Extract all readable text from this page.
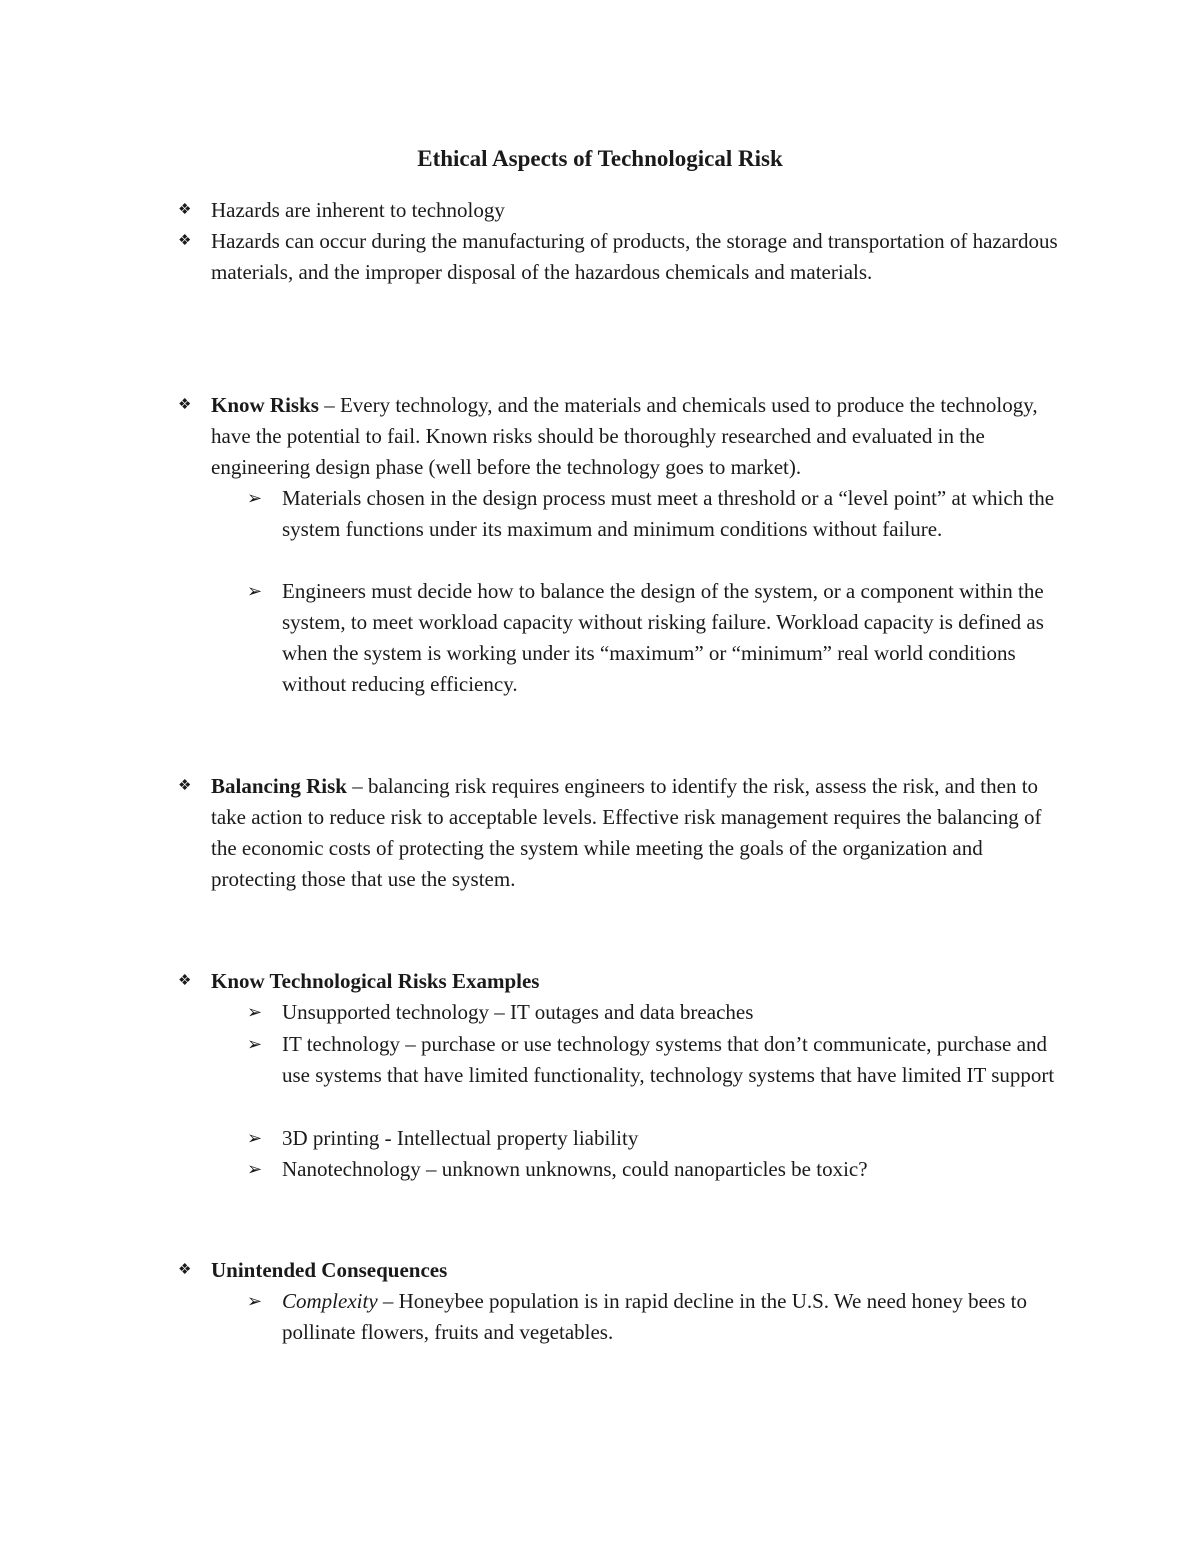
Ethical Aspects of Technological Risk
❖ Hazards are inherent to technology

❖ Hazards can occur during the manufacturing of products, the storage and transportation of hazardous materials, and the improper disposal of the hazardous chemicals and materials.

❖ Know Risks – Every technology, and the materials and chemicals used to produce the technology, have the potential to fail. Known risks should be thoroughly researched and evaluated in the engineering design phase (well before the technology goes to market).

➢ Materials chosen in the design process must meet a threshold or a “level point” at which the system functions under its maximum and minimum conditions without failure.

➢ Engineers must decide how to balance the design of the system, or a component within the system, to meet workload capacity without risking failure. Workload capacity is defined as when the system is working under its “maximum” or “minimum” real world conditions without reducing efficiency.

❖ Balancing Risk – balancing risk requires engineers to identify the risk, assess the risk, and then to take action to reduce risk to acceptable levels. Effective risk management requires the balancing of the economic costs of protecting the system while meeting the goals of the organization and protecting those that use the system.

❖ Know Technological Risks Examples

➢ Unsupported technology – IT outages and data breaches

➢ IT technology – purchase or use technology systems that don’t communicate, purchase and use systems that have limited functionality, technology systems that have limited IT support

➢ 3D printing - Intellectual property liability

➢ Nanotechnology – unknown unknowns, could nanoparticles be toxic?

❖ Unintended Consequences

➢ Complexity – Honeybee population is in rapid decline in the U.S. We need honey bees to pollinate flowers, fruits and vegetables.
